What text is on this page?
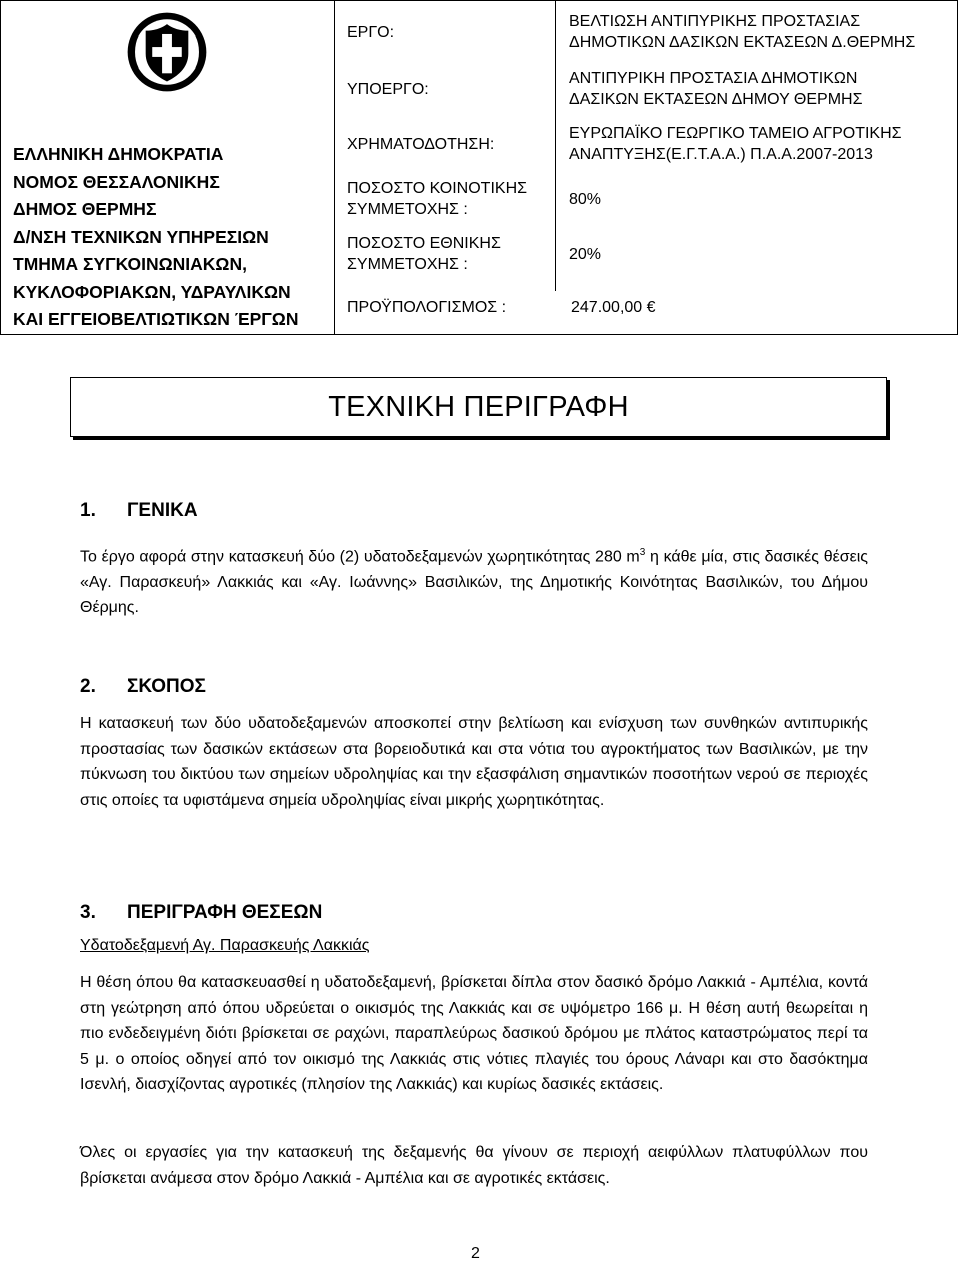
ΕΛΛΗΝΙΚΗ ΔΗΜΟΚΡΑΤΙΑ
ΝΟΜΟΣ ΘΕΣΣΑΛΟΝΙΚΗΣ
ΔΗΜΟΣ ΘΕΡΜΗΣ
Δ/ΝΣΗ ΤΕΧΝΙΚΩΝ ΥΠΗΡΕΣΙΩΝ
ΤΜΗΜΑ ΣΥΓΚΟΙΝΩΝΙΑΚΩΝ,
ΚΥΚΛΟΦΟΡΙΑΚΩΝ, ΥΔΡΑΥΛΙΚΩΝ
ΚΑΙ ΕΓΓΕΙΟΒΕΛΤΙΩΤΙΚΩΝ ΈΡΓΩΝ
ΕΡΓΟ:
ΥΠΟΕΡΓΟ:
ΧΡΗΜΑΤΟΔΟΤΗΣΗ:
ΠΟΣΟΣΤΟ ΚΟΙΝΟΤΙΚΗΣ
ΣΥΜΜΕΤΟΧΗΣ :
ΠΟΣΟΣΤΟ ΕΘΝΙΚΗΣ
ΣΥΜΜΕΤΟΧΗΣ :
ΒΕΛΤΙΩΣΗ ΑΝΤΙΠΥΡΙΚΗΣ ΠΡΟΣΤΑΣΙΑΣ
ΔΗΜΟΤΙΚΩΝ ΔΑΣΙΚΩΝ ΕΚΤΑΣΕΩΝ Δ.ΘΕΡΜΗΣ
ΑΝΤΙΠΥΡΙΚΗ ΠΡΟΣΤΑΣΙΑ ΔΗΜΟΤΙΚΩΝ
ΔΑΣΙΚΩΝ ΕΚΤΑΣΕΩΝ ΔΗΜΟΥ ΘΕΡΜΗΣ
ΕΥΡΩΠΑΪΚΟ ΓΕΩΡΓΙΚΟ ΤΑΜΕΙΟ ΑΓΡΟΤΙΚΗΣ
ΑΝΑΠΤΥΞΗΣ(Ε.Γ.Τ.Α.Α.) Π.Α.Α.2007-2013
80%
20%
ΠΡΟΫΠΟΛΟΓΙΣΜΟΣ :	247.00,00 €
ΤΕΧΝΙΚΗ ΠΕΡΙΓΡΑΦΗ
1. ΓΕΝΙΚΑ

Το έργο αφορά στην κατασκευή δύο (2) υδατοδεξαμενών χωρητικότητας 280 $m^3$ η κάθε μία, στις δασικές θέσεις «Αγ. Παρασκευή» Λακκιάς και «Αγ. Ιωάννης» Βασιλικών, της Δημοτικής Κοινότητας Βασιλικών, του Δήμου Θέρμης.

2. ΣΚΟΠΟΣ

Η κατασκευή των δύο υδατοδεξαμενών αποσκοπεί στην βελτίωση και ενίσχυση των συνθηκών αντιπυρικής προστασίας των δασικών εκτάσεων στα βορειοδυτικά και στα νότια του αγροκτήματος των Βασιλικών, με την πύκνωση του δικτύου των σημείων υδροληψίας και την εξασφάλιση σημαντικών ποσοτήτων νερού σε περιοχές στις οποίες τα υφιστάμενα σημεία υδροληψίας είναι μικρής χωρητικότητας.

3. ΠΕΡΙΓΡΑΦΗ ΘΕΣΕΩΝ
Υδατοδεξαμενή Αγ. Παρασκευής Λακκιάς

Η θέση όπου θα κατασκευασθεί η υδατοδεξαμενή, βρίσκεται δίπλα στον δασικό δρόμο Λακκιά - Αμπέλια, κοντά στη γεώτρηση από όπου υδρεύεται ο οικισμός της Λακκιάς και σε υψόμετρο 166 μ. Η θέση αυτή θεωρείται η πιο ενδεδειγμένη διότι βρίσκεται σε ραχώνι, παραπλεύρως δασικού δρόμου με πλάτος καταστρώματος περί τα 5 μ. ο οποίος οδηγεί από τον οικισμό της Λακκιάς στις νότιες πλαγιές του όρους Λάναρι και στο δασόκτημα Ισενλή, διασχίζοντας αγροτικές (πλησίον της Λακκιάς) και κυρίως δασικές εκτάσεις.

Όλες οι εργασίες για την κατασκευή της δεξαμενής θα γίνουν σε περιοχή αειφύλλων πλατυφύλλων που βρίσκεται ανάμεσα στον δρόμο Λακκιά - Αμπέλια και σε αγροτικές εκτάσεις.

2
